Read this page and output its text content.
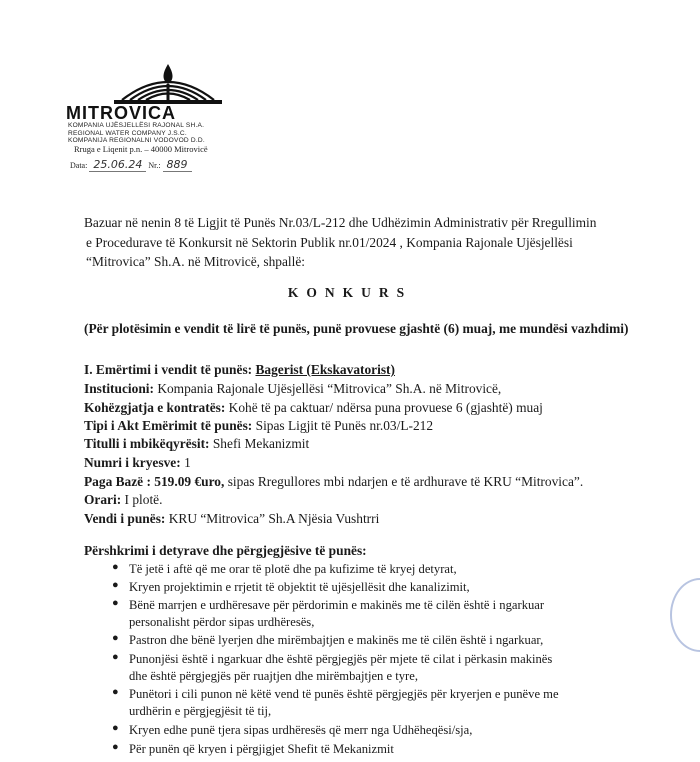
MITROVICA
KOMPANIA UJËSJELLËSI RAJONAL SH.A.
REGIONAL WATER COMPANY J.S.C.
KOMPANIJA REGIONALNI VODOVOD D.D.
Rruga e Liqenit p.n. – 40000 Mitrovicë
Data: 25.06.24 Nr.: 889
Bazuar në nenin 8 të Ligjit të Punës Nr.03/L-212 dhe Udhëzimin Administrativ për Rregullimin
e Procedurave të Konkursit në Sektorin Publik nr.01/2024 , Kompania Rajonale Ujësjellësi
“Mitrovica” Sh.A. në Mitrovicë, shpallë:
KONKURS
(Për plotësimin e vendit të lirë të punës, punë provuese gjashtë (6) muaj, me mundësi vazhdimi)
I. Emërtimi i vendit të punës: Bagerist (Ekskavatorist)
Institucioni: Kompania Rajonale Ujësjellësi “Mitrovica” Sh.A. në Mitrovicë,
Kohëzgjatja e kontratës: Kohë të pa caktuar/ ndërsa puna provuese 6 (gjashtë) muaj
Tipi i Akt Emërimit të punës: Sipas Ligjit të Punës nr.03/L-212
Titulli i mbikëqyrësit: Shefi Mekanizmit
Numri i kryesve: 1
Paga Bazë : 519.09 €uro, sipas Rregullores mbi ndarjen e të ardhurave të KRU “Mitrovica”.
Orari: I plotë.
Vendi i punës: KRU “Mitrovica” Sh.A Njësia Vushtrri
Përshkrimi i detyrave dhe përgjegjësive të punës:
● Të jetë i aftë që me orar të plotë dhe pa kufizime të kryej detyrat,
● Kryen projektimin e rrjetit të objektit të ujësjellësit dhe kanalizimit,
● Bënë marrjen e urdhëresave për përdorimin e makinës me të cilën është i ngarkuar
personalisht përdor sipas urdhëresës,
● Pastron dhe bënë lyerjen dhe mirëmbajtjen e makinës me të cilën është i ngarkuar,
● Punonjësi është i ngarkuar dhe është përgjegjës për mjete të cilat i përkasin makinës
dhe është përgjegjës për ruajtjen dhe mirëmbajtjen e tyre,
● Punëtori i cili punon në këtë vend të punës është përgjegjës për kryerjen e punëve me
urdhërin e përgjegjësit të tij,
● Kryen edhe punë tjera sipas urdhëresës që merr nga Udhëheqësi/sja,
● Për punën që kryen i përgjigjet Shefit të Mekanizmit
